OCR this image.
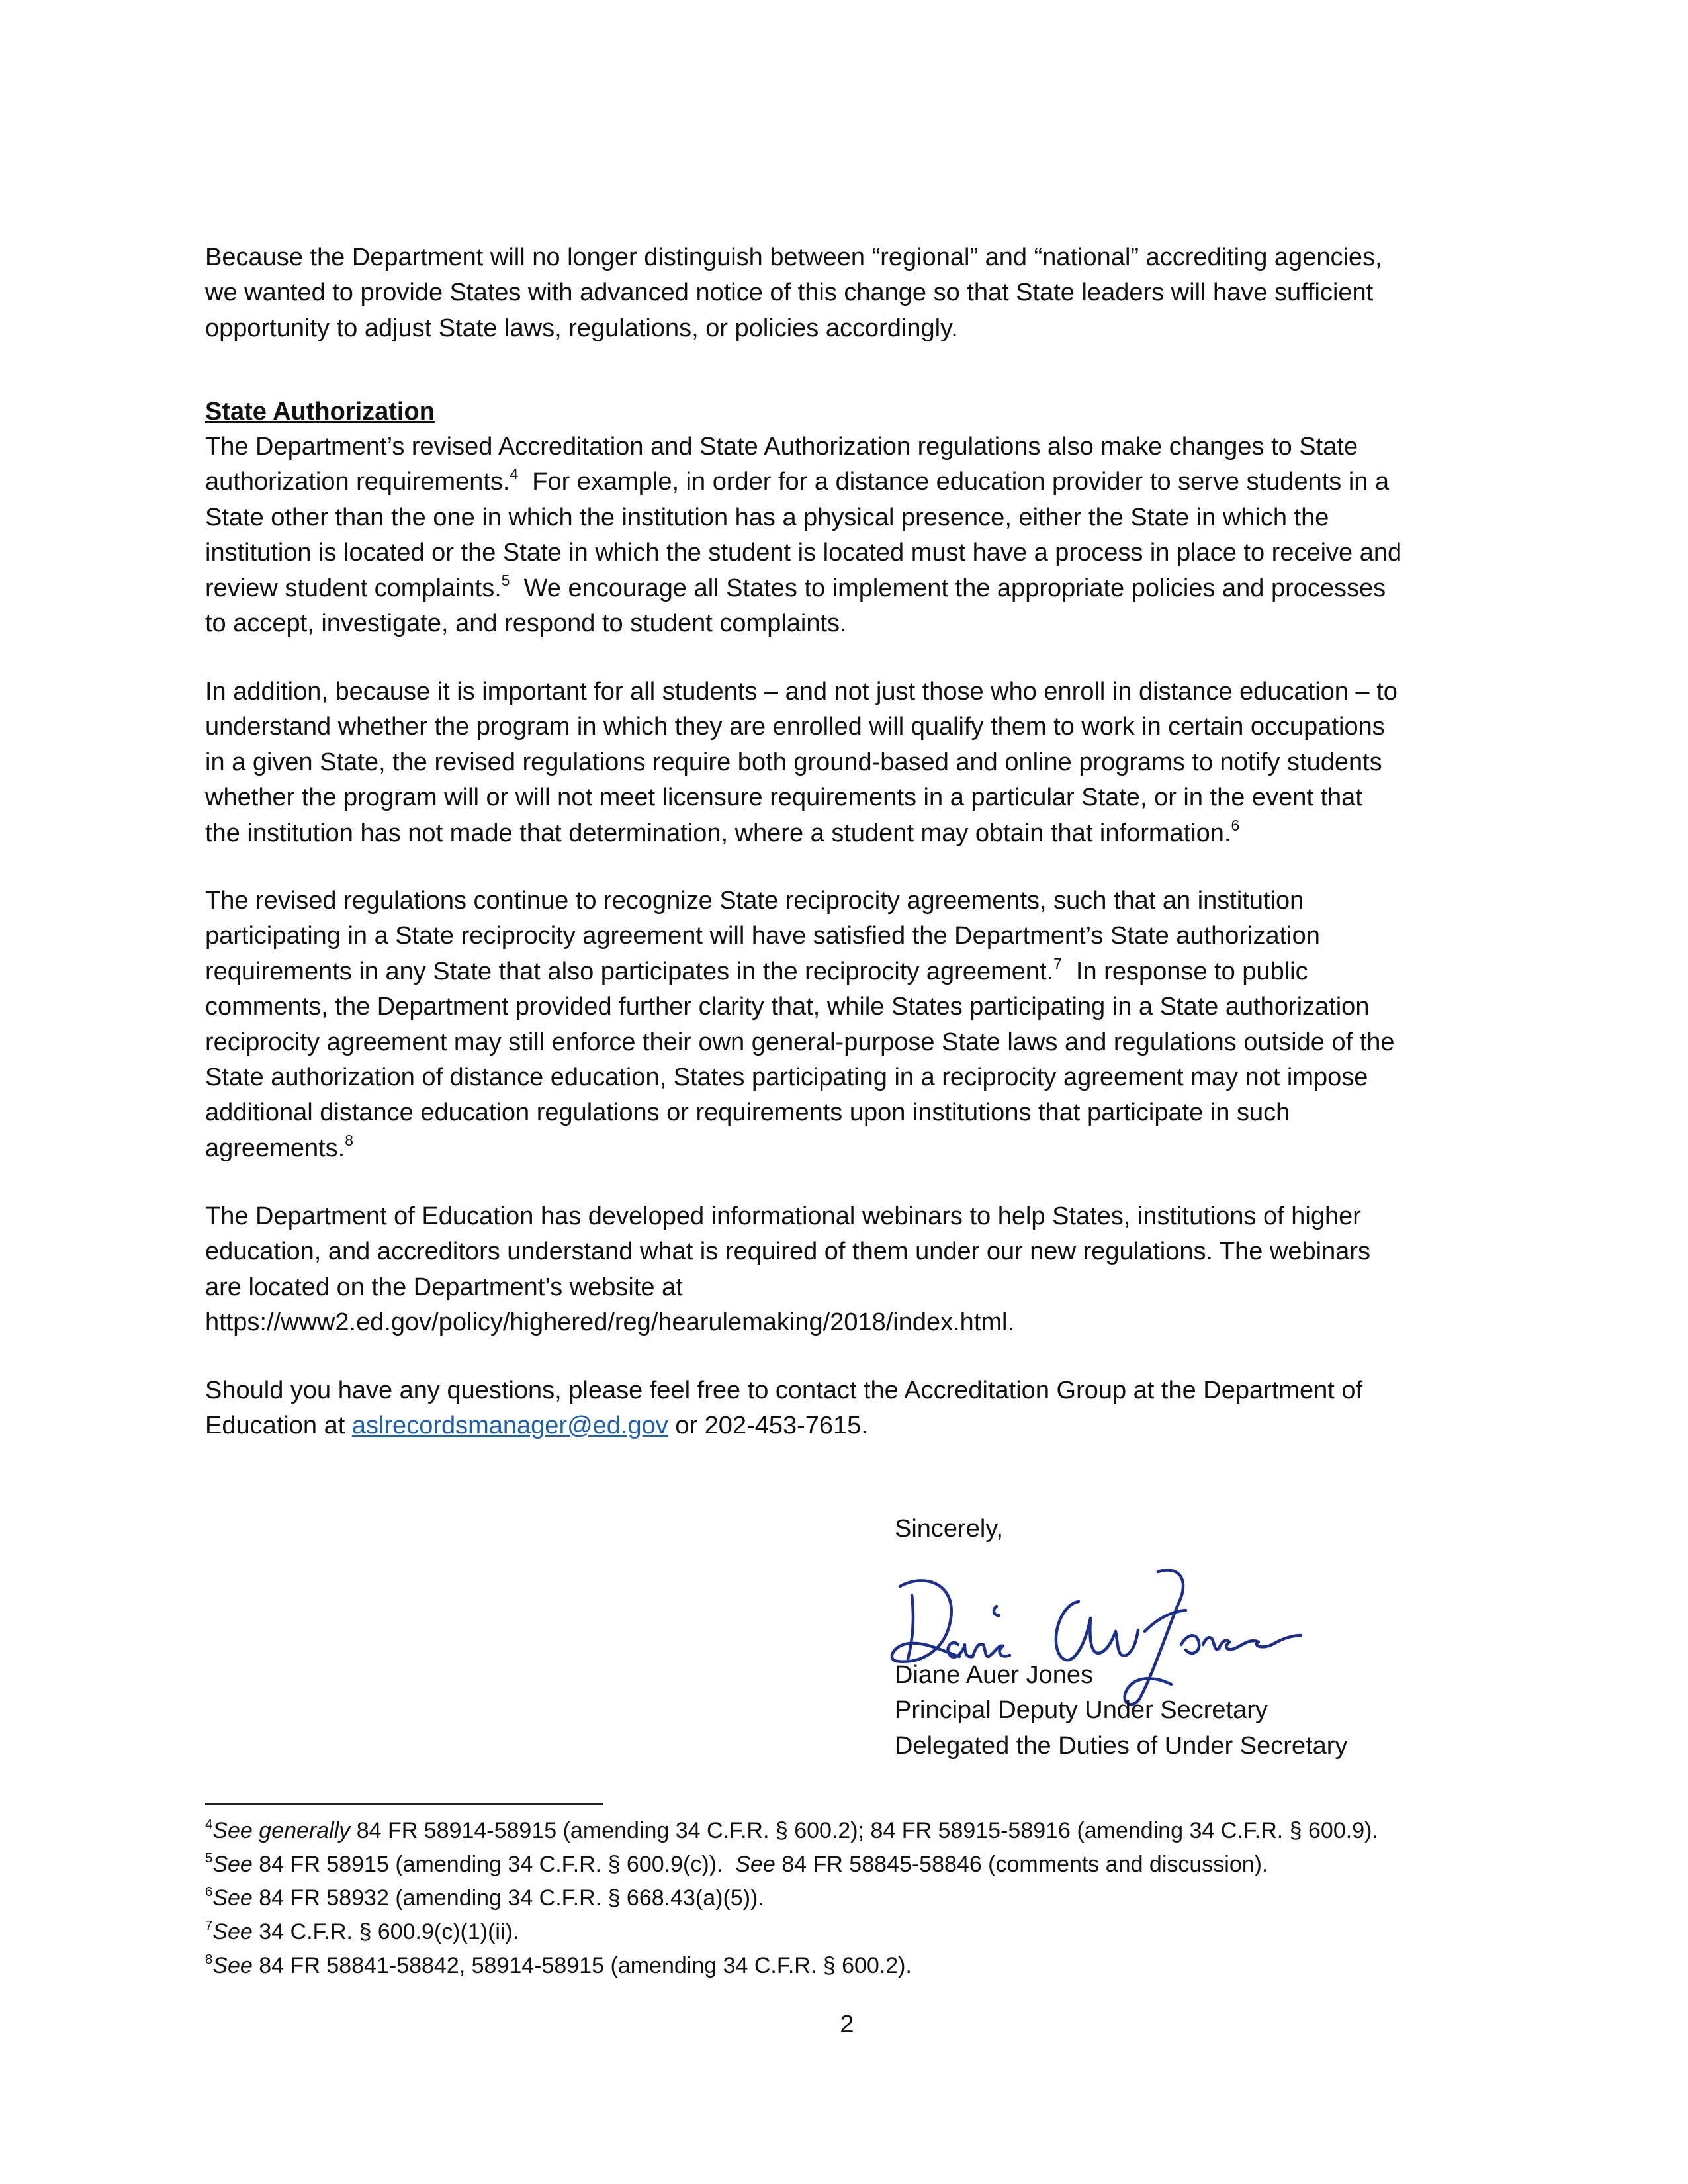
Because the Department will no longer distinguish between “regional” and “national” accrediting agencies,
we wanted to provide States with advanced notice of this change so that State leaders will have sufficient
opportunity to adjust State laws, regulations, or policies accordingly.

State Authorization

The Department’s revised Accreditation and State Authorization regulations also make changes to State
authorization requirements.$^4$  For example, in order for a distance education provider to serve students in a
State other than the one in which the institution has a physical presence, either the State in which the
institution is located or the State in which the student is located must have a process in place to receive and
review student complaints.$^5$  We encourage all States to implement the appropriate policies and processes
to accept, investigate, and respond to student complaints.

In addition, because it is important for all students – and not just those who enroll in distance education – to
understand whether the program in which they are enrolled will qualify them to work in certain occupations
in a given State, the revised regulations require both ground-based and online programs to notify students
whether the program will or will not meet licensure requirements in a particular State, or in the event that
the institution has not made that determination, where a student may obtain that information.$^6$

The revised regulations continue to recognize State reciprocity agreements, such that an institution
participating in a State reciprocity agreement will have satisfied the Department’s State authorization
requirements in any State that also participates in the reciprocity agreement.$^7$  In response to public
comments, the Department provided further clarity that, while States participating in a State authorization
reciprocity agreement may still enforce their own general-purpose State laws and regulations outside of the
State authorization of distance education, States participating in a reciprocity agreement may not impose
additional distance education regulations or requirements upon institutions that participate in such
agreements.$^8$

The Department of Education has developed informational webinars to help States, institutions of higher
education, and accreditors understand what is required of them under our new regulations. The webinars
are located on the Department’s website at
https://www2.ed.gov/policy/highered/reg/hearulemaking/2018/index.html.

Should you have any questions, please feel free to contact the Accreditation Group at the Department of
Education at aslrecordsmanager@ed.gov or 202-453-7615.

Sincerely,

Diane Auer Jones
Principal Deputy Under Secretary
Delegated the Duties of Under Secretary

$^4$See generally 84 FR 58914-58915 (amending 34 C.F.R. § 600.2); 84 FR 58915-58916 (amending 34 C.F.R. § 600.9).
$^5$See 84 FR 58915 (amending 34 C.F.R. § 600.9(c)).  See 84 FR 58845-58846 (comments and discussion).
$^6$See 84 FR 58932 (amending 34 C.F.R. § 668.43(a)(5)).
$^7$See 34 C.F.R. § 600.9(c)(1)(ii).
$^8$See 84 FR 58841-58842, 58914-58915 (amending 34 C.F.R. § 600.2).
2
